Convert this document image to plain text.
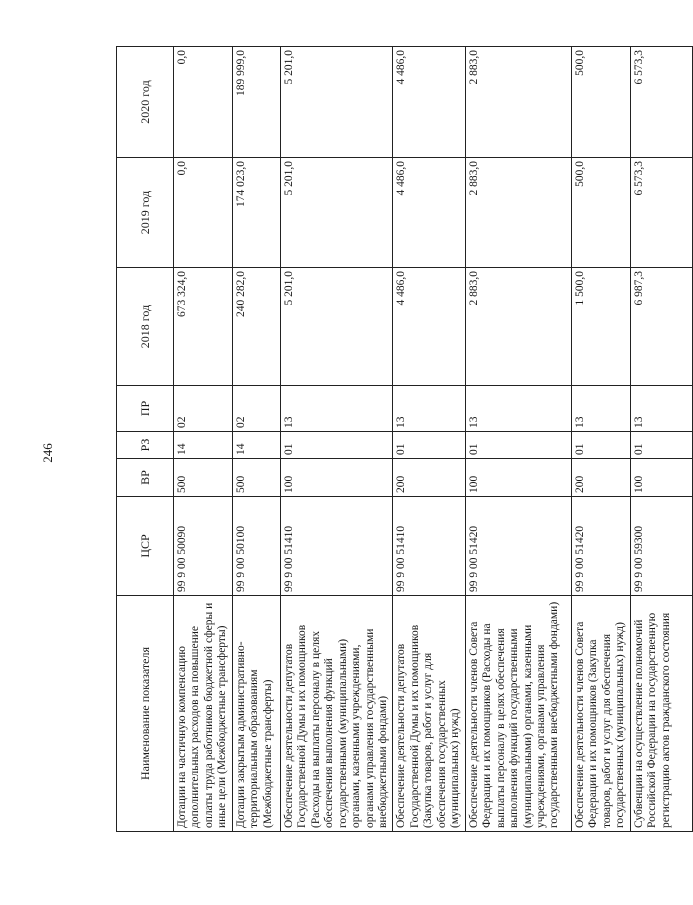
246
Наименование показателя	ЦСР	ВР	РЗ	ПР	2018 год	2019 год	2020 год
Дотации на частичную компенсацию дополнительных расходов на повышение оплаты труда работников бюджетной сферы и иные цели (Межбюджетные трансферты)	99 9 00 50090	500	14	02	673 324,0	0,0	0,0
Дотации закрытым административно-территориальным образованиям (Межбюджетные трансферты)	99 9 00 50100	500	14	02	240 282,0	174 023,0	189 999,0
Обеспечение деятельности депутатов Государственной Думы и их помощников (Расходы на выплаты персоналу в целях обеспечения выполнения функций государственными (муниципальными) органами, казенными учреждениями, органами управления государственными внебюджетными фондами)	99 9 00 51410	100	01	13	5 201,0	5 201,0	5 201,0
Обеспечение деятельности депутатов Государственной Думы и их помощников (Закупка товаров, работ и услуг для обеспечения государственных (муниципальных) нужд)	99 9 00 51410	200	01	13	4 486,0	4 486,0	4 486,0
Обеспечение деятельности членов Совета Федерации и их помощников (Расходы на выплаты персоналу в целях обеспечения выполнения функций государственными (муниципальными) органами, казенными учреждениями, органами управления государственными внебюджетными фондами)	99 9 00 51420	100	01	13	2 883,0	2 883,0	2 883,0
Обеспечение деятельности членов Совета Федерации и их помощников (Закупка товаров, работ и услуг для обеспечения государственных (муниципальных) нужд)	99 9 00 51420	200	01	13	1 500,0	500,0	500,0
Субвенции на осуществление полномочий Российской Федерации на государственную регистрацию актов гражданского состояния	99 9 00 59300	100	01	13	6 987,3	6 573,3	6 573,3
